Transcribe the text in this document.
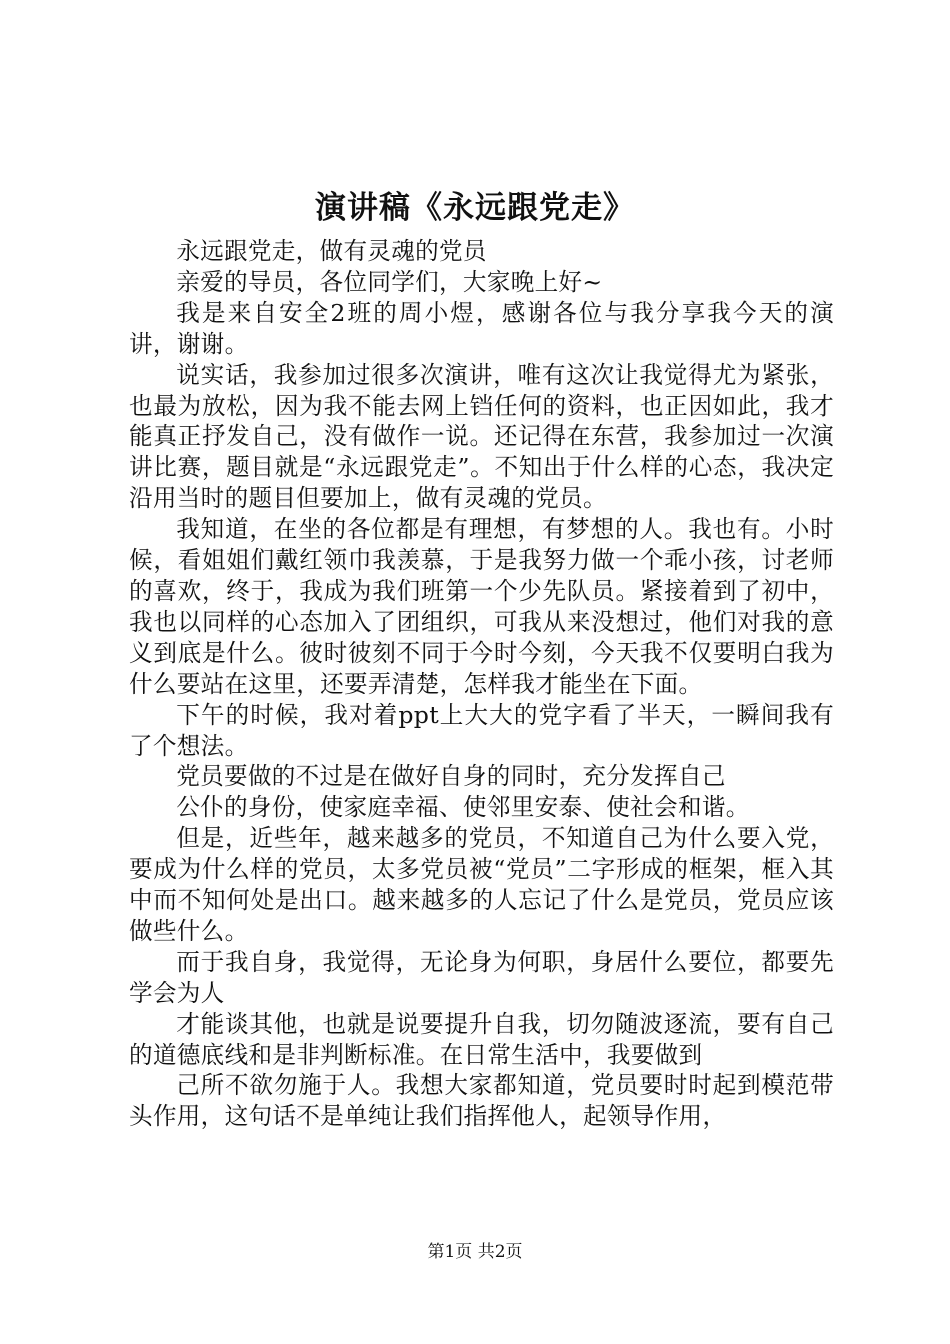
演讲稿《永远跟党走》

永远跟党走，做有灵魂的党员

亲爱的导员，各位同学们，大家晚上好~

我是来自安全2班的周小煜，感谢各位与我分享我今天的演讲，谢谢。

说实话，我参加过很多次演讲，唯有这次让我觉得尤为紧张，也最为放松，因为我不能去网上铛任何的资料，也正因如此，我才能真正抒发自己，没有做作一说。还记得在东营，我参加过一次演讲比赛，题目就是“永远跟党走”。不知出于什么样的心态，我决定沿用当时的题目但要加上，做有灵魂的党员。

我知道，在坐的各位都是有理想，有梦想的人。我也有。小时候，看姐姐们戴红领巾我羡慕，于是我努力做一个乖小孩，讨老师的喜欢，终于，我成为我们班第一个少先队员。紧接着到了初中，我也以同样的心态加入了团组织，可我从来没想过，他们对我的意义到底是什么。彼时彼刻不同于今时今刻，今天我不仅要明白我为什么要站在这里，还要弄清楚，怎样我才能坐在下面。

下午的时候，我对着ppt上大大的党字看了半天，一瞬间我有了个想法。

党员要做的不过是在做好自身的同时，充分发挥自己

公仆的身份，使家庭幸福、使邻里安泰、使社会和谐。

但是，近些年，越来越多的党员，不知道自己为什么要入党，要成为什么样的党员，太多党员被“党员”二字形成的框架，框入其中而不知何处是出口。越来越多的人忘记了什么是党员，党员应该做些什么。

而于我自身，我觉得，无论身为何职，身居什么要位，都要先学会为人

才能谈其他，也就是说要提升自我，切勿随波逐流，要有自己的道德底线和是非判断标准。在日常生活中，我要做到

己所不欲勿施于人。我想大家都知道，党员要时时起到模范带头作用，这句话不是单纯让我们指挥他人，起领导作用，

第1页 共2页
